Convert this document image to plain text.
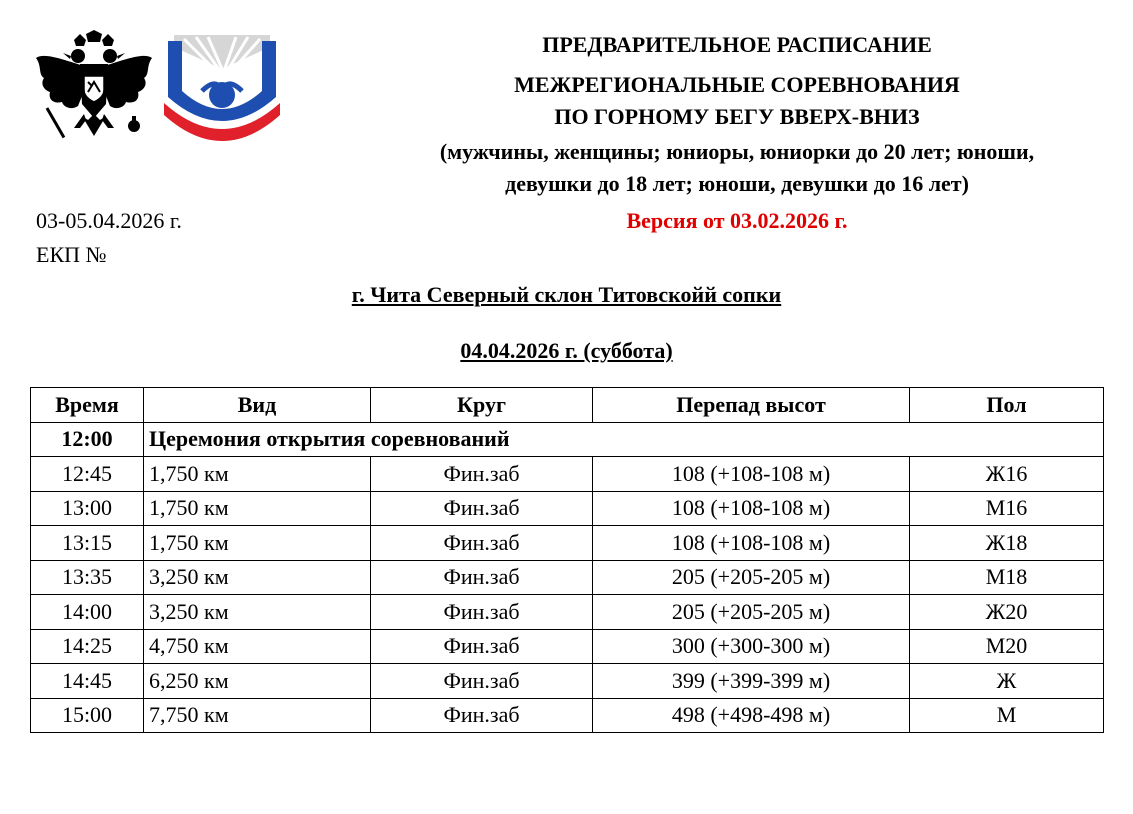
ПРЕДВАРИТЕЛЬНОЕ РАСПИСАНИЕ
МЕЖРЕГИОНАЛЬНЫЕ СОРЕВНОВАНИЯ
ПО ГОРНОМУ БЕГУ ВВЕРХ-ВНИЗ
(мужчины, женщины; юниоры, юниорки до 20 лет; юноши,
девушки до 18 лет; юноши, девушки до 16 лет)
03-05.04.2026 г.
ЕКП №
Версия от 03.02.2026 г.
г. Чита Северный склон Титовскойй сопки
04.04.2026 г. (суббота)
Время	Вид	Круг	Перепад высот	Пол
12:00	Церемония открытия соревнований			
12:45	1,750 км	Фин.заб	108 (+108-108 м)	Ж16
13:00	1,750 км	Фин.заб	108 (+108-108 м)	М16
13:15	1,750 км	Фин.заб	108 (+108-108 м)	Ж18
13:35	3,250 км	Фин.заб	205 (+205-205 м)	М18
14:00	3,250 км	Фин.заб	205 (+205-205 м)	Ж20
14:25	4,750 км	Фин.заб	300 (+300-300 м)	М20
14:45	6,250 км	Фин.заб	399 (+399-399 м)	Ж
15:00	7,750 км	Фин.заб	498 (+498-498 м)	М
